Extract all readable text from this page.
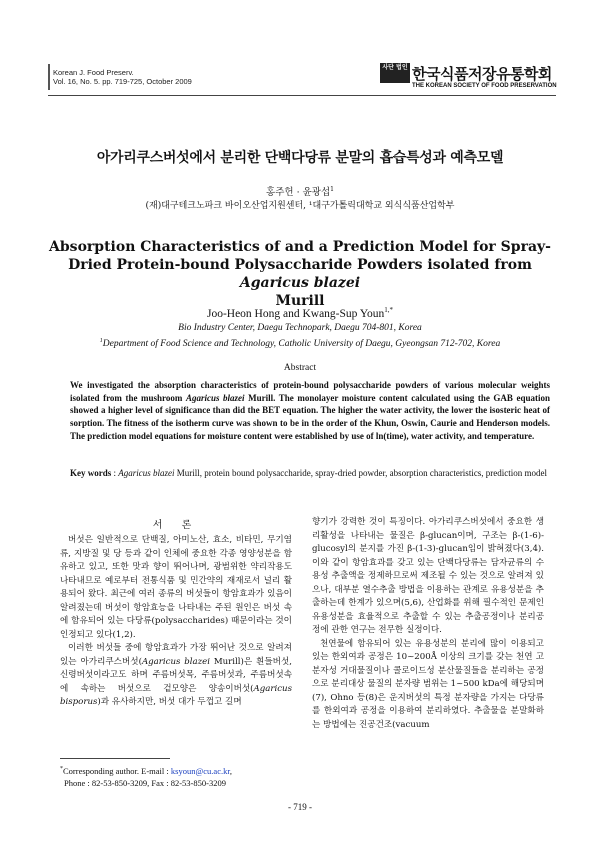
Korean J. Food Preserv.
Vol. 16, No. 5. pp. 719-725, October 2009
사단 법인 한국식품저장유통학회
THE KOREAN SOCIETY OF FOOD PRESERVATION
아가리쿠스버섯에서 분리한 단백다당류 분말의 흡습특성과 예측모델
홍주헌 · 윤광섭$^1$
(재)대구테크노파크 바이오산업지원센터, ¹대구가톨릭대학교 외식식품산업학부
Absorption Characteristics of and a Prediction Model for Spray-Dried Protein-bound Polysaccharide Powders isolated from Agaricus blazei
Murill
Joo-Heon Hong and Kwang-Sup Youn$^{1,*}$
Bio Industry Center, Daegu Technopark, Daegu 704-801, Korea
$^1$Department of Food Science and Technology, Catholic University of Daegu, Gyeongsan 712-702, Korea
Abstract
We investigated the absorption characteristics of protein-bound polysaccharide powders of various molecular weights isolated from the mushroom Agaricus blazei Murill. The monolayer moisture content calculated using the GAB equation showed a higher level of significance than did the BET equation. The higher the water activity, the lower the isosteric heat of sorption. The fitness of the isotherm curve was shown to be in the order of the Khun, Oswin, Caurie and Henderson models. The prediction model equations for moisture content were established by use of ln(time), water activity, and temperature.
Key words : Agaricus blazei Murill, protein bound polysaccharide, spray-dried powder, absorption characteristics, prediction model
서 론

버섯은 일반적으로 단백질, 아미노산, 효소, 비타민, 무기염류, 지방질 및 당 등과 같이 인체에 중요한 각종 영양성분을 함유하고 있고, 또한 맛과 향이 뛰어나며, 광범위한 약리작용도 나타내므로 예로부터 전통식품 및 민간약의 재재로서 널리 활용되어 왔다. 최근에 여러 종류의 버섯들이 항암효과가 있음이 알려졌는데 버섯이 항암효능을 나타내는 주된 원인은 버섯 속에 함유되어 있는 다당류(polysaccharides) 때문이라는 것이 인정되고 있다(1,2).

이러한 버섯들 중에 항암효과가 가장 뛰어난 것으로 알려져 있는 아가리쿠스버섯(Agaricus blazei Murill)은 흰들버섯, 신령버섯이라고도 하며 주름버섯목, 주름버섯과, 주름버섯속에 속하는 버섯으로 겉모양은 양송이버섯(Agaricus bisporus)과 유사하지만, 버섯 대가 두껍고 길며

향기가 강력한 것이 특징이다. 아가리쿠스버섯에서 중요한 생리활성을 나타내는 물질은 β-glucan이며, 구조는 β-(1-6)-glucosyl의 분지를 가진 β-(1-3)-glucan임이 밝혀졌다(3,4). 이와 같이 항암효과를 갖고 있는 단백다당류는 담자균류의 수용성 추출액을 정제하므로써 제조될 수 있는 것으로 알려져 있으나, 대부분 열수추출 방법을 이용하는 관계로 유용성분을 추출하는데 한계가 있으며(5,6), 산업화를 위해 필수적인 문제인 유용성분을 효율적으로 추출할 수 있는 추출공정이나 분리공정에 관한 연구는 전무한 실정이다.

천연물에 함유되어 있는 유용성분의 분리에 많이 이용되고 있는 한외여과 공정은 10~200Å 이상의 크기를 갖는 천연 고분자성 거대물질이나 콜로이드성 분산물질들을 분리하는 공정으로 분리대상 물질의 분자량 범위는 1~500 kDa에 해당되며(7), Ohno 등(8)은 운지버섯의 특정 분자량을 가지는 다당류를 한외여과 공정을 이용하여 분리하였다. 추출물을 분말화하는 방법에는 진공건조(vacuum

*Corresponding author. E-mail : ksyoun@cu.ac.kr,
Phone : 82-53-850-3209, Fax : 82-53-850-3209
- 719 -
